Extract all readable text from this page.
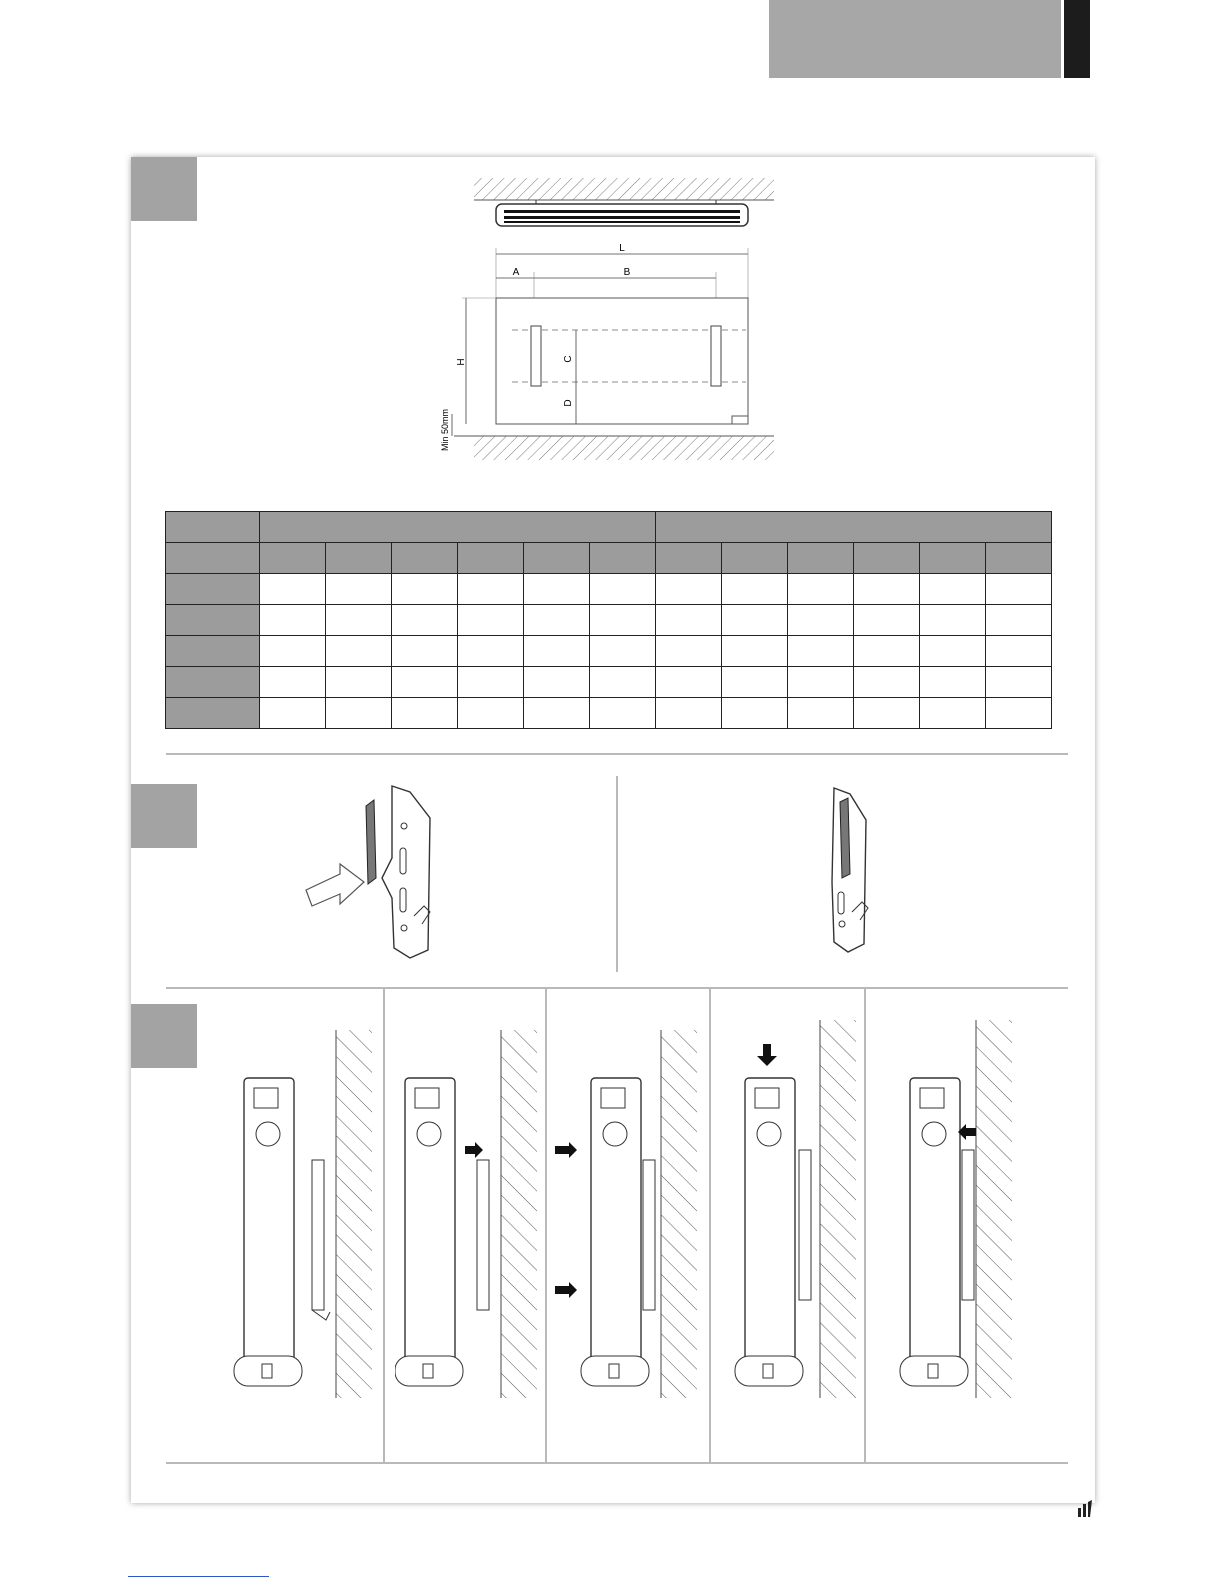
L
A	B
C
D
H
Min 50mm
